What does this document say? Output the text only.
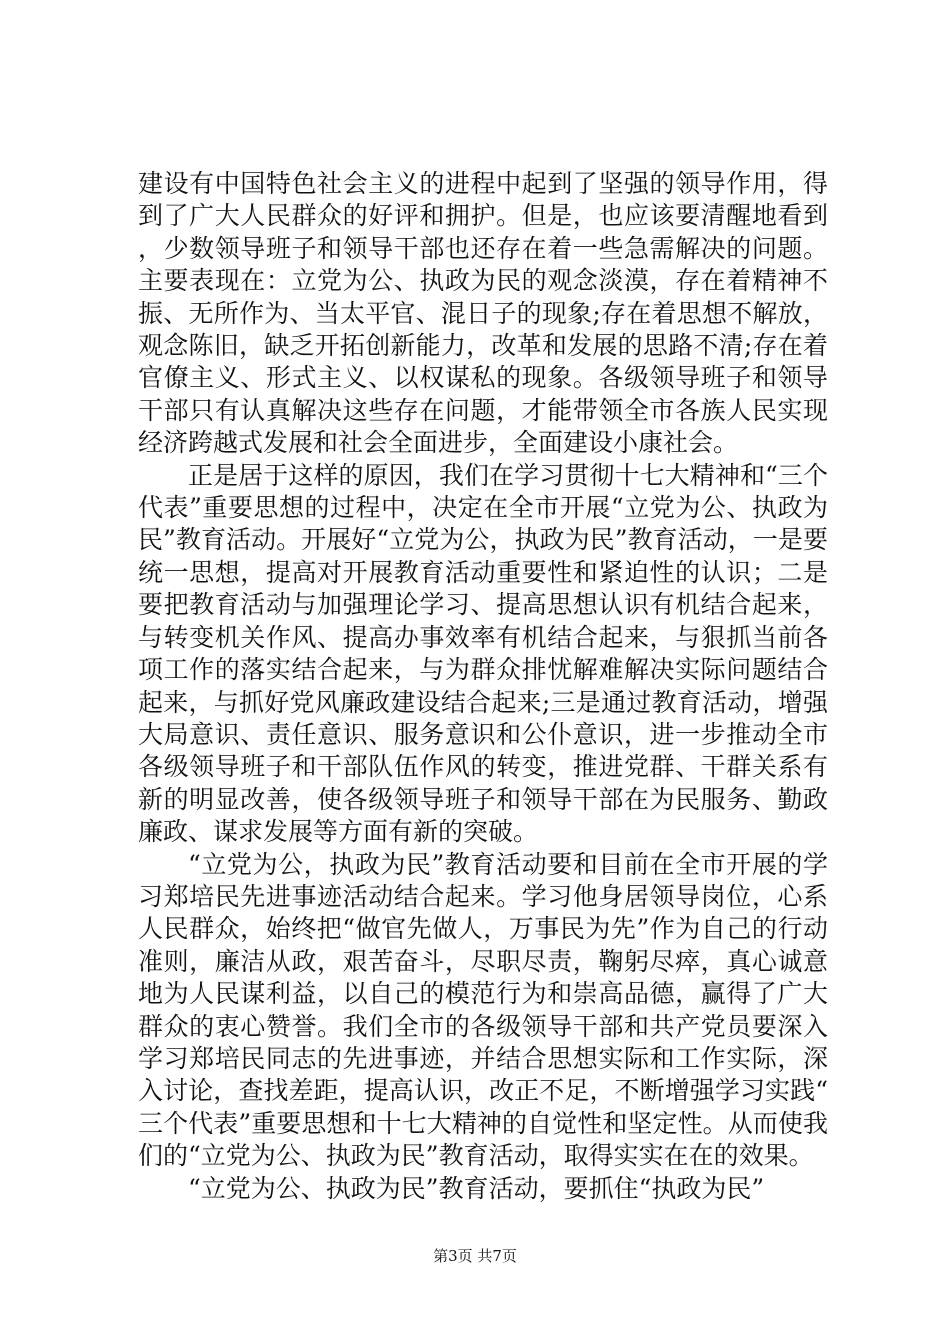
建设有中国特色社会主义的进程中起到了坚强的领导作用，得到了广大人民群众的好评和拥护。但是，也应该要清醒地看到，少数领导班子和领导干部也还存在着一些急需解决的问题。主要表现在：立党为公、执政为民的观念淡漠，存在着精神不振、无所作为、当太平官、混日子的现象;存在着思想不解放，观念陈旧，缺乏开拓创新能力，改革和发展的思路不清;存在着官僚主义、形式主义、以权谋私的现象。各级领导班子和领导干部只有认真解决这些存在问题，才能带领全市各族人民实现经济跨越式发展和社会全面进步，全面建设小康社会。

正是居于这样的原因，我们在学习贯彻十七大精神和“三个代表”重要思想的过程中，决定在全市开展“立党为公、执政为民”教育活动。开展好“立党为公，执政为民”教育活动，一是要统一思想，提高对开展教育活动重要性和紧迫性的认识；二是要把教育活动与加强理论学习、提高思想认识有机结合起来，与转变机关作风、提高办事效率有机结合起来，与狠抓当前各项工作的落实结合起来，与为群众排忧解难解决实际问题结合起来，与抓好党风廉政建设结合起来;三是通过教育活动，增强大局意识、责任意识、服务意识和公仆意识，进一步推动全市各级领导班子和干部队伍作风的转变，推进党群、干群关系有新的明显改善，使各级领导班子和领导干部在为民服务、勤政廉政、谋求发展等方面有新的突破。

“立党为公，执政为民”教育活动要和目前在全市开展的学习郑培民先进事迹活动结合起来。学习他身居领导岗位，心系人民群众，始终把“做官先做人，万事民为先”作为自己的行动准则，廉洁从政，艰苦奋斗，尽职尽责，鞠躬尽瘁，真心诚意地为人民谋利益，以自己的模范行为和崇高品德，赢得了广大群众的衷心赞誉。我们全市的各级领导干部和共产党员要深入学习郑培民同志的先进事迹，并结合思想实际和工作实际，深入讨论，查找差距，提高认识，改正不足，不断增强学习实践“三个代表”重要思想和十七大精神的自觉性和坚定性。从而使我们的“立党为公、执政为民”教育活动，取得实实在在的效果。

“立党为公、执政为民”教育活动，要抓住“执政为民”

第3页 共7页
